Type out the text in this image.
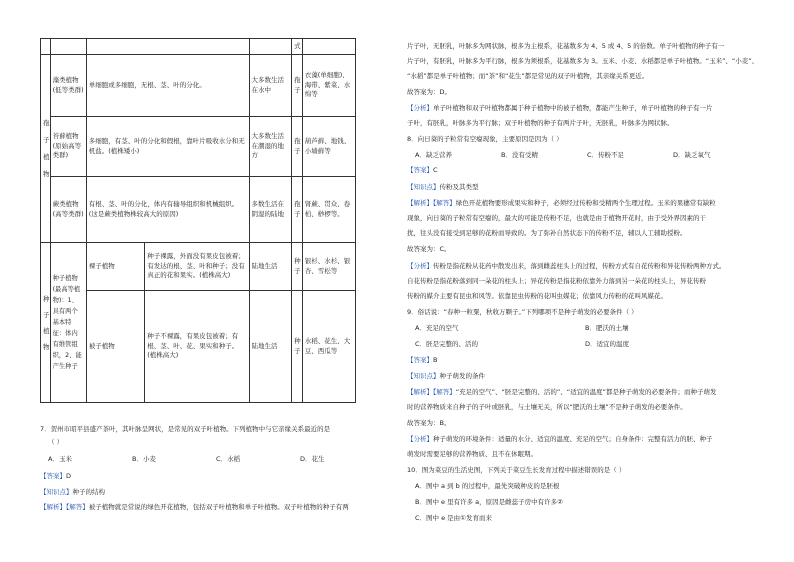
					式	
孢子植物	藻类植物(低等类群)	单细胞或多细胞，无根、茎、叶的分化。		大多数生活在水中	孢子	衣藻(单细胞)、海带、紫菜、水绵等
	苔藓植物(原始高等类群)	多细胞，有茎、叶的分化和假根，靠叶片吸收水分和无机盐。(植株矮小)		大多数生活在潮湿的地方	孢子	葫芦藓、地钱、小墙藓等
	蕨类植物(高等类群)	有根、茎、叶的分化，体内有输导组织和机械组织。(这是蕨类植物株较高大的原因)		多数生活在阴湿的陆地	孢子	肾蕨、贯众、卷柏、桫椤等。
种子植物	种子植物(最高等植物)：1、具有两个基本特征：体内有维管组织，2、能产生种子	裸子植物	种子裸露，外面没有果皮包被着；有发达的根、茎、叶和种子；没有真正的花和果实。(植株高大)	陆地生活	种子	银杉、水杉、银杏、雪松等
		被子植物	种子不裸露，有果皮包被着；有根、茎、叶、花、果实和种子。(植株高大)	陆地生活	种子	水稻、花生、大豆、西瓜等
7．贺州市昭平县盛产茶叶，其叶脉呈网状，是常见的双子叶植物。下列植物中与它亲缘关系最近的是
（ ）
A．玉米	B．小麦	C．水稻	D．花生
【答案】D
【知识点】种子的结构
【解析】【解答】被子植物就是常说的绿色开花植物，包括双子叶植物和单子叶植物。双子叶植物的种子有两
片子叶，无胚乳，叶脉多为网状脉，根多为主根系，花基数多为 4、5 或 4、5 的倍数。单子叶植物的种子有一
片子叶，有胚乳，叶脉多为平行脉，根多为须根系，花基数多为 3。玉米、小麦、水稻都是单子叶植物。“玉米”、“小麦”、
“水稻”都是单子叶植物；而“茶”和“花生”都是常见的双子叶植物，其亲缘关系更近。
故答案为：D。
【分析】单子叶植物和双子叶植物都属于种子植物中的被子植物，都能产生种子，单子叶植物的种子有一片
子叶，有胚乳，叶脉多为平行脉；双子叶植物的种子有两片子叶，无胚乳，叶脉多为网状脉。
8．向日葵的子粒常有空瘪现象，主要原因是因为（ ）
A．缺乏营养	B．没有受精	C．传粉不足	D．缺乏氧气
【答案】C
【知识点】传粉及其类型
【解析】【解答】绿色开花植物要形成果实和种子，必须经过传粉和受精两个生理过程。玉米的果穗常有缺粒
现象，向日葵的子粒常有空瘪的，最大的可能是传粉不足，也就是由于植物开花时，由于受外界因素的干
扰，往头没有接受到足够的花粉而导致的。为了弥补自然状态下的传粉不足，辅以人工辅助授粉。
故答案为：C。
【分析】传粉是指花粉从花药中散发出来，落到雌蕊柱头上的过程，传粉方式有自花传粉和异花传粉两种方式。
自花传粉是指花粉落到同一朵花的柱头上；异花传粉是指花粉依靠外力落到另一朵花的柱头上，异花传粉
传粉的媒介主要有昆虫和风等。依靠昆虫传粉的花叫虫媒花；依靠风力传粉的花叫风媒花。
9．俗话说：“春种一粒粟，秋收万颗子。”下列哪项不是种子萌发的必要条件（ ）
A．充足的空气	B．肥沃的土壤
C．胚是完整的、活的	D．适宜的温度
【答案】B
【知识点】种子萌发的条件
【解析】【解答】“充足的空气”、“胚是完整的、活的”、“适宜的温度”都是种子萌发的必要条件；而种子萌发
时的营养物质来自种子的子叶或胚乳，与土壤无关，所以“肥沃的土壤”不是种子萌发的必要条件。
故答案为：B。
【分析】种子萌发的环境条件：适量的水分、适宜的温度、充足的空气；自身条件：完整有活力的胚、种子
萌发时需要足够的营养物质、且不在休眠期。
10．图为菜豆的生活史图，下列关于菜豆生长发育过程中描述错误的是（ ）
A．图中 a 到 b 的过程中，最先突破种皮的是胚根
B．图中 e 里有许多 a，原因是雌蕊子房中有许多②
C．图中 e 是由①发育而来
